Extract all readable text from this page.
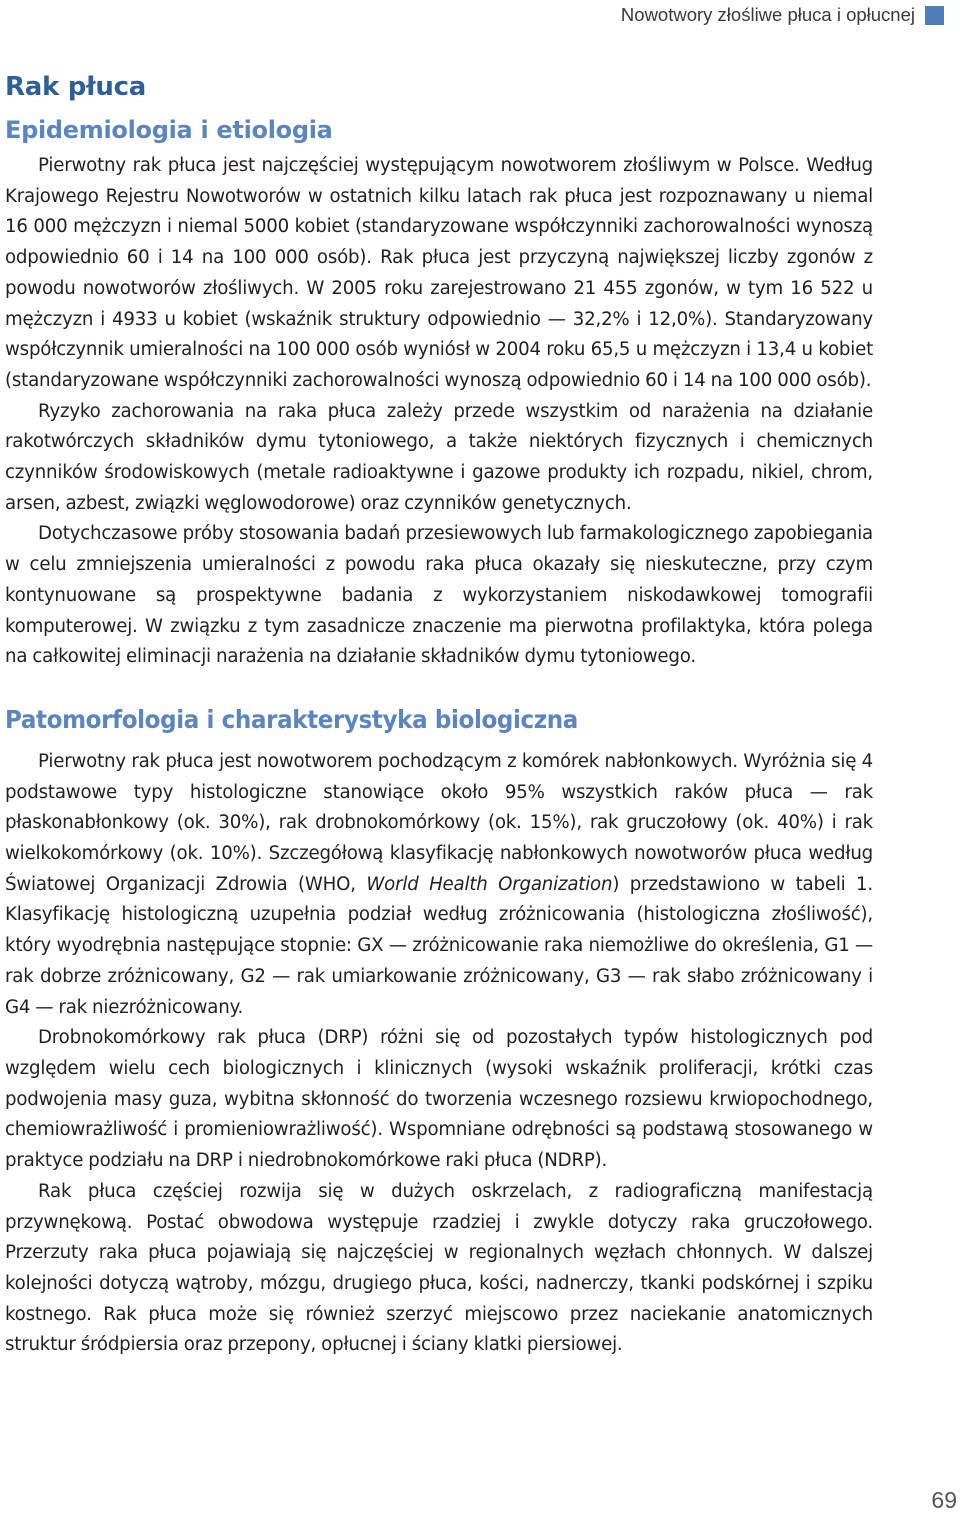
Nowotwory złośliwe płuca i opłucnej
Rak płuca
Epidemiologia i etiologia

Pierwotny rak płuca jest najczęściej występującym nowotworem złośliwym w Polsce. Według Krajowego Rejestru Nowotworów w ostatnich kilku latach rak płuca jest rozpoznawany u niemal 16 000 mężczyzn i niemal 5000 kobiet (standaryzowane współczynniki zachorowalności wynoszą odpowiednio 60 i 14 na 100 000 osób). Rak płuca jest przyczyną największej liczby zgonów z powodu nowotworów złośliwych. W 2005 roku zarejestrowano 21 455 zgonów, w tym 16 522 u mężczyzn i 4933 u kobiet (wskaźnik struktury odpowiednio — 32,2% i 12,0%). Standaryzowany współczynnik umieralności na 100 000 osób wyniósł w 2004 roku 65,5 u mężczyzn i 13,4 u kobiet (standaryzowane współczynniki zachorowalności wynoszą odpowiednio 60 i 14 na 100 000 osób).

Ryzyko zachorowania na raka płuca zależy przede wszystkim od narażenia na działanie rakotwórczych składników dymu tytoniowego, a także niektórych fizycznych i chemicznych czynników środowiskowych (metale radioaktywne i gazowe produkty ich rozpadu, nikiel, chrom, arsen, azbest, związki węglowodorowe) oraz czynników genetycznych.

Dotychczasowe próby stosowania badań przesiewowych lub farmakologicznego zapobiegania w celu zmniejszenia umieralności z powodu raka płuca okazały się nieskuteczne, przy czym kontynuowane są prospektywne badania z wykorzystaniem niskodawkowej tomografii komputerowej. W związku z tym zasadnicze znaczenie ma pierwotna profilaktyka, która polega na całkowitej eliminacji narażenia na działanie składników dymu tytoniowego.

Patomorfologia i charakterystyka biologiczna

Pierwotny rak płuca jest nowotworem pochodzącym z komórek nabłonkowych. Wyróżnia się 4 podstawowe typy histologiczne stanowiące około 95% wszystkich raków płuca — rak płaskonabłonkowy (ok. 30%), rak drobnokomórkowy (ok. 15%), rak gruczołowy (ok. 40%) i rak wielkokomórkowy (ok. 10%). Szczegółową klasyfikację nabłonkowych nowotworów płuca według Światowej Organizacji Zdrowia (WHO, World Health Organization) przedstawiono w tabeli 1. Klasyfikację histologiczną uzupełnia podział według zróżnicowania (histologiczna złośliwość), który wyodrębnia następujące stopnie: GX — zróżnicowanie raka niemożliwe do określenia, G1 — rak dobrze zróżnicowany, G2 — rak umiarkowanie zróżnicowany, G3 — rak słabo zróżnicowany i G4 — rak niezróżnicowany.

Drobnokomórkowy rak płuca (DRP) różni się od pozostałych typów histologicznych pod względem wielu cech biologicznych i klinicznych (wysoki wskaźnik proliferacji, krótki czas podwojenia masy guza, wybitna skłonność do tworzenia wczesnego rozsiewu krwiopochodnego, chemiowrażliwość i promieniowrażliwość). Wspomniane odrębności są podstawą stosowanego w praktyce podziału na DRP i niedrobnokomórkowe raki płuca (NDRP).

Rak płuca częściej rozwija się w dużych oskrzelach, z radiograficzną manifestacją przywnękową. Postać obwodowa występuje rzadziej i zwykle dotyczy raka gruczołowego. Przerzuty raka płuca pojawiają się najczęściej w regionalnych węzłach chłonnych. W dalszej kolejności dotyczą wątroby, mózgu, drugiego płuca, kości, nadnerczy, tkanki podskórnej i szpiku kostnego. Rak płuca może się również szerzyć miejscowo przez naciekanie anatomicznych struktur śródpiersia oraz przepony, opłucnej i ściany klatki piersiowej.

69
